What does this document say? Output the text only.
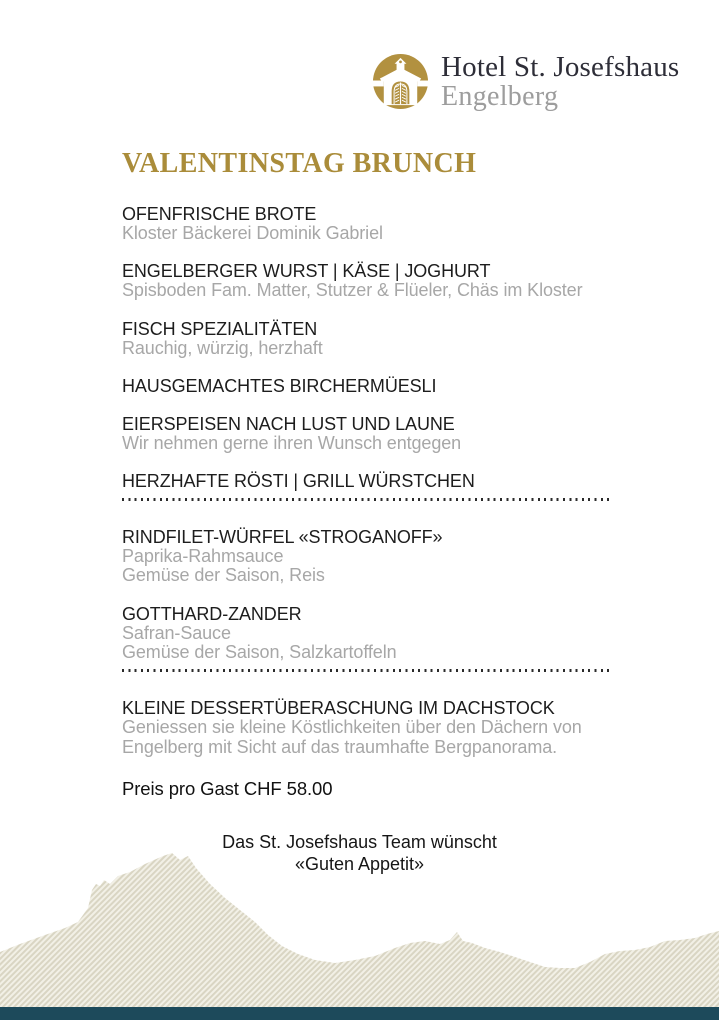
Hotel St. Josefshaus
Engelberg
VALENTINSTAG BRUNCH
OFENFRISCHE BROTE
Kloster Bäckerei Dominik Gabriel
ENGELBERGER WURST | KÄSE | JOGHURT
Spisboden Fam. Matter, Stutzer & Flüeler, Chäs im Kloster
FISCH SPEZIALITÄTEN
Rauchig, würzig, herzhaft
HAUSGEMACHTES BIRCHERMÜESLI
EIERSPEISEN NACH LUST UND LAUNE
Wir nehmen gerne ihren Wunsch entgegen
HERZHAFTE RÖSTI | GRILL WÜRSTCHEN
RINDFILET-WÜRFEL «STROGANOFF»
Paprika-Rahmsauce
Gemüse der Saison, Reis
GOTTHARD-ZANDER
Safran-Sauce
Gemüse der Saison, Salzkartoffeln
KLEINE DESSERTÜBERASCHUNG IM DACHSTOCK
Geniessen sie kleine Köstlichkeiten über den Dächern von
Engelberg mit Sicht auf das traumhafte Bergpanorama.
Preis pro Gast CHF 58.00
Das St. Josefshaus Team wünscht
«Guten Appetit»
